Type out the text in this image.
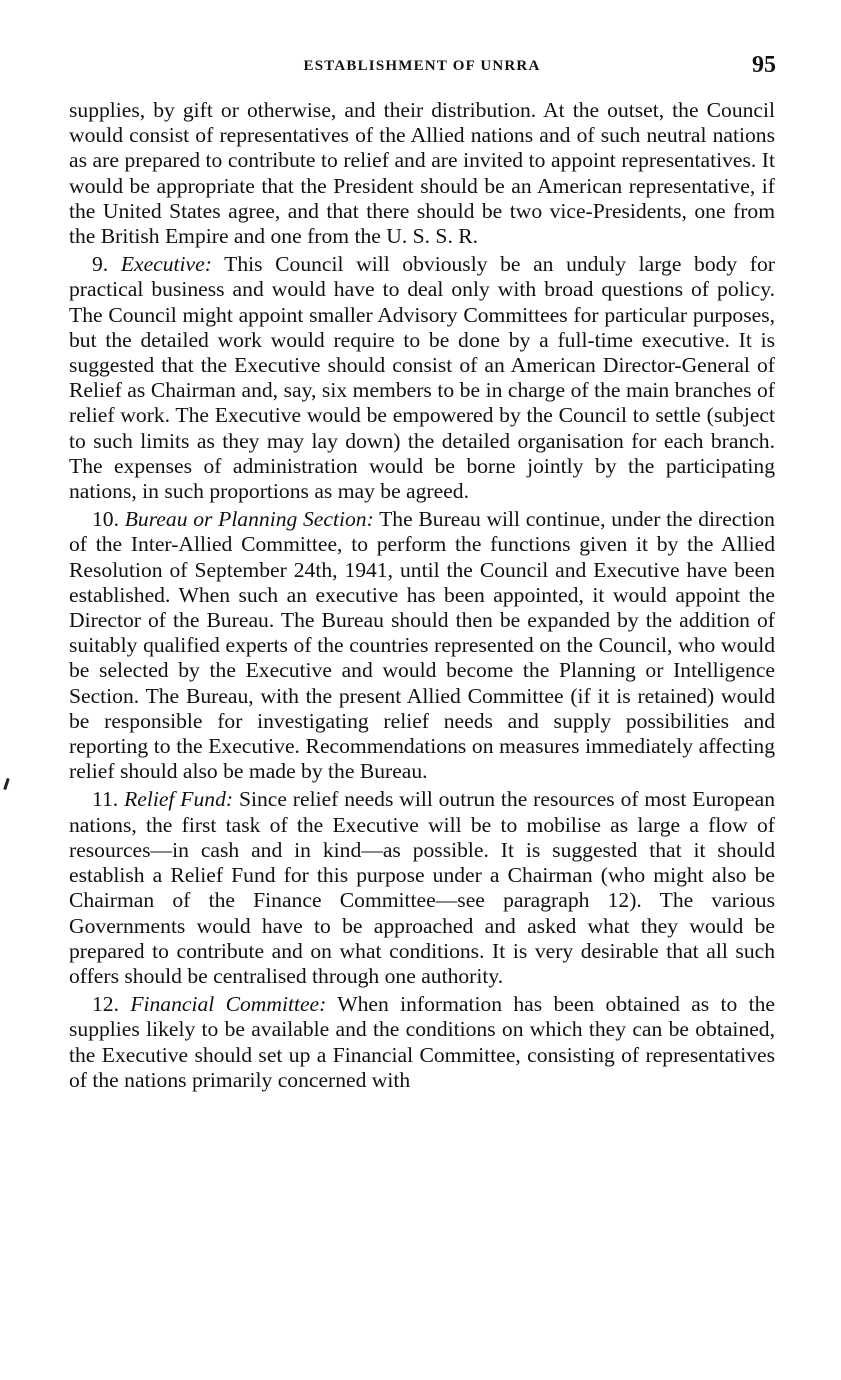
ESTABLISHMENT OF UNRRA	95

supplies, by gift or otherwise, and their distribution. At the outset, the Council would consist of representatives of the Allied nations and of such neutral nations as are prepared to contribute to relief and are invited to appoint representatives. It would be appropriate that the President should be an American representative, if the United States agree, and that there should be two vice-Presidents, one from the British Empire and one from the U. S. S. R.

9. Executive: This Council will obviously be an unduly large body for practical business and would have to deal only with broad questions of policy. The Council might appoint smaller Advisory Committees for particular purposes, but the detailed work would require to be done by a full-time executive. It is suggested that the Executive should consist of an American Director-General of Relief as Chairman and, say, six members to be in charge of the main branches of relief work. The Executive would be empowered by the Council to settle (subject to such limits as they may lay down) the detailed organisation for each branch. The expenses of administration would be borne jointly by the participating nations, in such proportions as may be agreed.

10. Bureau or Planning Section: The Bureau will continue, under the direction of the Inter-Allied Committee, to perform the functions given it by the Allied Resolution of September 24th, 1941, until the Council and Executive have been established. When such an executive has been appointed, it would appoint the Director of the Bureau. The Bureau should then be expanded by the addition of suitably qualified experts of the countries represented on the Council, who would be selected by the Executive and would become the Planning or Intelligence Section. The Bureau, with the present Allied Committee (if it is retained) would be responsible for investigating relief needs and supply possibilities and reporting to the Executive. Recommendations on measures immediately affecting relief should also be made by the Bureau.

11. Relief Fund: Since relief needs will outrun the resources of most European nations, the first task of the Executive will be to mobilise as large a flow of resources—in cash and in kind—as possible. It is suggested that it should establish a Relief Fund for this purpose under a Chairman (who might also be Chairman of the Finance Committee—see paragraph 12). The various Governments would have to be approached and asked what they would be prepared to contribute and on what conditions. It is very desirable that all such offers should be centralised through one authority.

12. Financial Committee: When information has been obtained as to the supplies likely to be available and the conditions on which they can be obtained, the Executive should set up a Financial Committee, consisting of representatives of the nations primarily concerned with
